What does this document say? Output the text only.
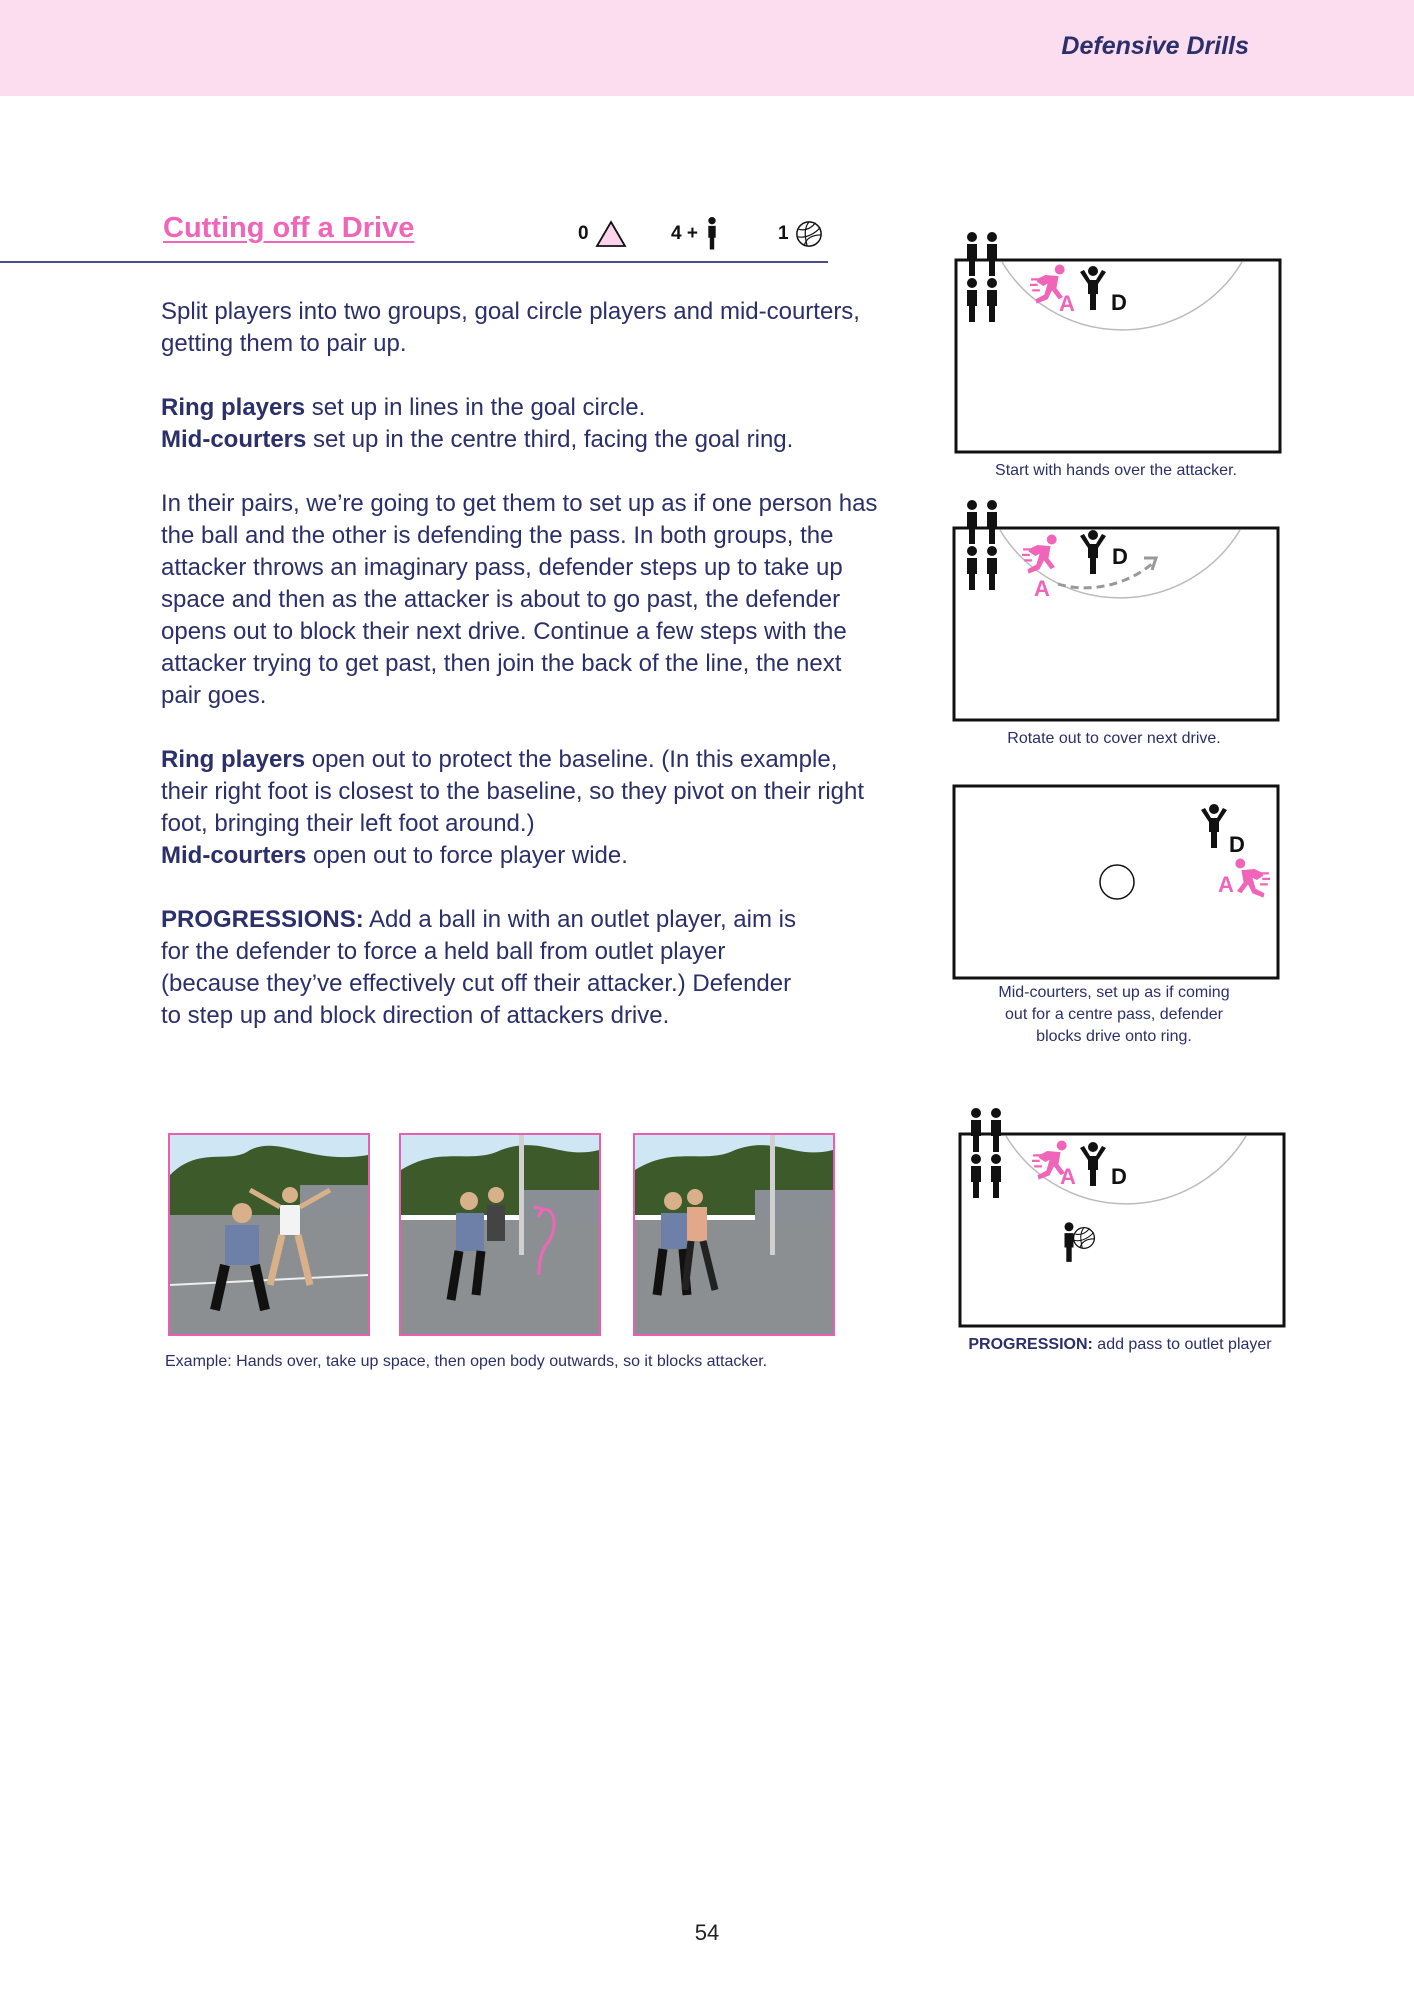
Defensive Drills
Cutting off a Drive	0	4 +	1

Split players into two groups, goal circle players and mid-courters, getting them to pair up.

Ring players set up in lines in the goal circle.

Mid-courters set up in the centre third, facing the goal ring.

In their pairs, we’re going to get them to set up as if one person has the ball and the other is defending the pass. In both groups, the attacker throws an imaginary pass, defender steps up to take up space and then as the attacker is about to go past, the defender opens out to block their next drive. Continue a few steps with the attacker trying to get past, then join the back of the line, the next pair goes.

Ring players open out to protect the baseline. (In this example, their right foot is closest to the baseline, so they pivot on their right foot, bringing their left foot around.)

Mid-courters open out to force player wide.

PROGRESSIONS: Add a ball in with an outlet player, aim is for the defender to force a held ball from outlet player (because they’ve effectively cut off their attacker.) Defender to step up and block direction of attackers drive.

Example: Hands over, take up space, then open body outwards, so it blocks attacker.
A D
Start with hands over the attacker.
A
D
Rotate out to cover next drive.
D
A
Mid-courters, set up as if coming
out for a centre pass, defender
blocks drive onto ring.
A D
PROGRESSION: add pass to outlet player
54
